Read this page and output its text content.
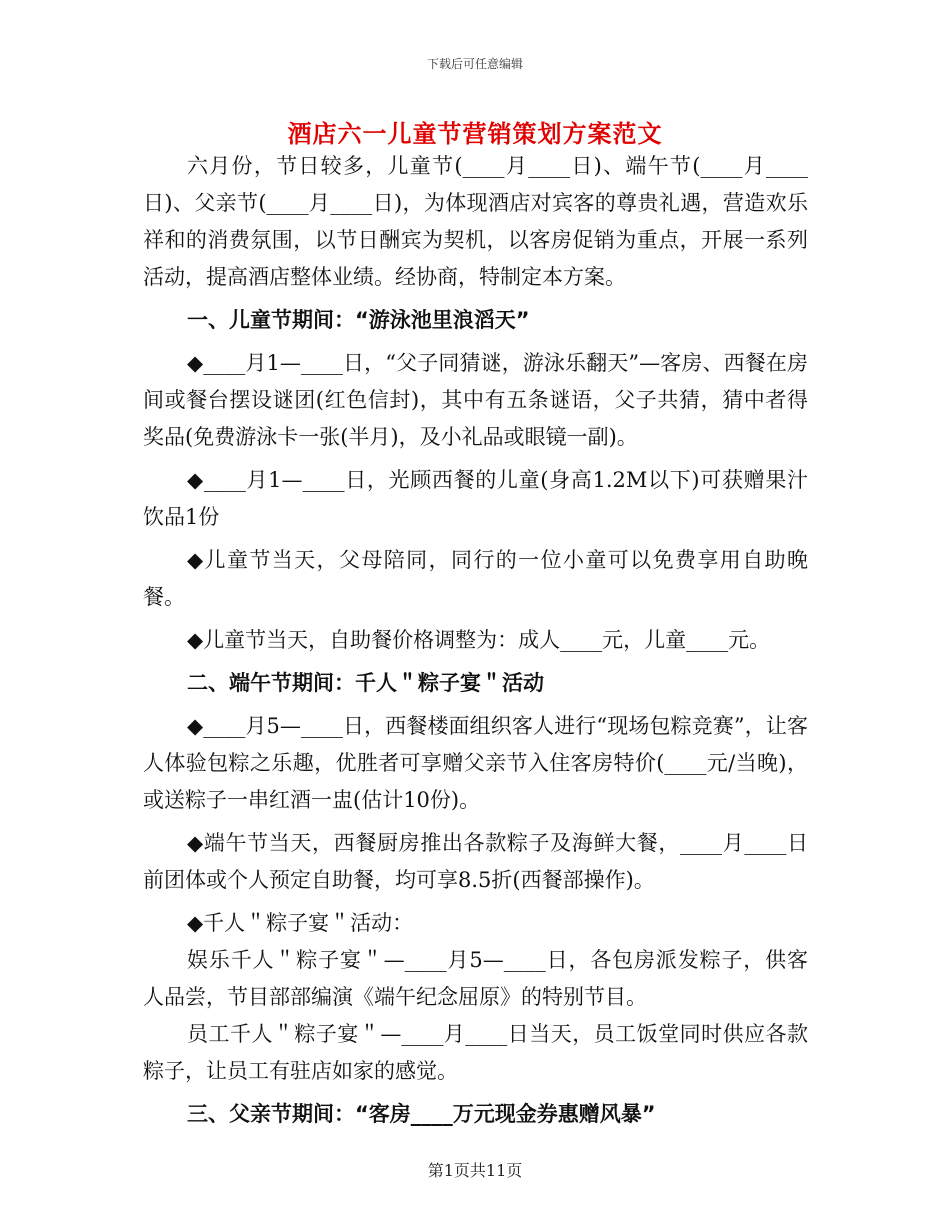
下载后可任意编辑
酒店六一儿童节营销策划方案范文

六月份，节日较多，儿童节(____月____日)、端午节(____月____日)、父亲节(____月____日)，为体现酒店对宾客的尊贵礼遇，营造欢乐祥和的消费氛围，以节日酬宾为契机，以客房促销为重点，开展一系列活动，提高酒店整体业绩。经协商，特制定本方案。

一、儿童节期间：“游泳池里浪滔天”

◆____月1—____日，“父子同猜谜，游泳乐翻天”—客房、西餐在房间或餐台摆设谜团(红色信封)，其中有五条谜语，父子共猜，猜中者得奖品(免费游泳卡一张(半月)，及小礼品或眼镜一副)。

◆____月1—____日，光顾西餐的儿童(身高1.2M以下)可获赠果汁饮品1份

◆儿童节当天，父母陪同，同行的一位小童可以免费享用自助晚餐。

◆儿童节当天，自助餐价格调整为：成人____元，儿童____元。

二、端午节期间：千人＂粽子宴＂活动

◆____月5—____日，西餐楼面组织客人进行“现场包粽竞赛”，让客人体验包粽之乐趣，优胜者可享赠父亲节入住客房特价(____元/当晚)，或送粽子一串红酒一盅(估计10份)。

◆端午节当天，西餐厨房推出各款粽子及海鲜大餐，____月____日前团体或个人预定自助餐，均可享8.5折(西餐部操作)。

◆千人＂粽子宴＂活动：

娱乐千人＂粽子宴＂—____月5—____日，各包房派发粽子，供客人品尝，节目部部编演《端午纪念屈原》的特别节目。

员工千人＂粽子宴＂—____月____日当天，员工饭堂同时供应各款粽子，让员工有驻店如家的感觉。

三、父亲节期间：“客房____万元现金券惠赠风暴”

第1页共11页
